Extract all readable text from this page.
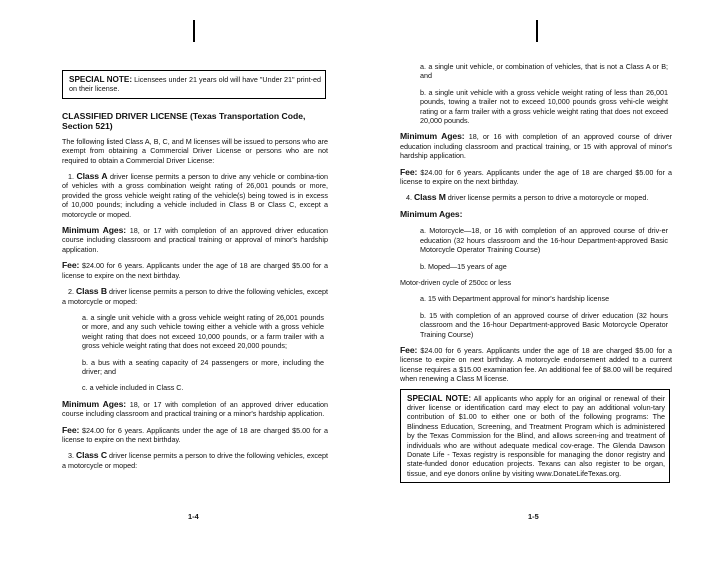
SPECIAL NOTE: Licensees under 21 years old will have "Under 21" print-ed on their license.
CLASSIFIED DRIVER LICENSE (Texas Transportation Code, Section 521)

The following listed Class A, B, C, and M licenses will be issued to persons who are exempt from obtaining a Commercial Driver License or persons who are not required to obtain a Commercial Driver License:

1. Class A driver license permits a person to drive any vehicle or combina-tion of vehicles with a gross combination weight rating of 26,001 pounds or more, provided the gross vehicle weight rating of the vehicle(s) being towed is in excess of 10,000 pounds; including a vehicle included in Class B or Class C, except a motorcycle or moped.

Minimum Ages: 18, or 17 with completion of an approved driver education course including classroom and practical training or approval of minor's hardship application.

Fee: $24.00 for 6 years. Applicants under the age of 18 are charged $5.00 for a license to expire on the next birthday.

2. Class B driver license permits a person to drive the following vehicles, except a motorcycle or moped:

a. a single unit vehicle with a gross vehicle weight rating of 26,001 pounds or more, and any such vehicle towing either a vehicle with a gross vehicle weight rating that does not exceed 10,000 pounds, or a farm trailer with a gross vehicle weight rating that does not exceed 20,000 pounds;

b. a bus with a seating capacity of 24 passengers or more, including the driver; and

c. a vehicle included in Class C.

Minimum Ages: 18, or 17 with completion of an approved driver education course including classroom and practical training or a minor's hardship application.

Fee: $24.00 for 6 years. Applicants under the age of 18 are charged $5.00 for a license to expire on the next birthday.

3. Class C driver license permits a person to drive the following vehicles, except a motorcycle or moped:

1-4

a. a single unit vehicle, or combination of vehicles, that is not a Class A or B; and

b. a single unit vehicle with a gross vehicle weight rating of less than 26,001 pounds, towing a trailer not to exceed 10,000 pounds gross vehi-cle weight rating or a farm trailer with a gross vehicle weight rating that does not exceed 20,000 pounds.

Minimum Ages: 18, or 16 with completion of an approved course of driver education including classroom and practical training, or 15 with approval of minor's hardship application.

Fee: $24.00 for 6 years. Applicants under the age of 18 are charged $5.00 for a license to expire on the next birthday.

4. Class M driver license permits a person to drive a motorcycle or moped.

Minimum Ages:

a. Motorcycle—18, or 16 with completion of an approved course of driv-er education (32 hours classroom and the 16-hour Department-approved Basic Motorcycle Operator Training Course)

b. Moped—15 years of age

Motor-driven cycle of 250cc or less

a. 15 with Department approval for minor's hardship license

b. 15 with completion of an approved course of driver education (32 hours classroom and the 16-hour Department-approved Basic Motorcycle Operator Training Course)

Fee: $24.00 for 6 years. Applicants under the age of 18 are charged $5.00 for a license to expire on next birthday. A motorcycle endorsement added to a current license requires a $15.00 examination fee. An additional fee of $8.00 will be required when renewing a Class M license.

SPECIAL NOTE: All applicants who apply for an original or renewal of their driver license or identification card may elect to pay an additional volun-tary contribution of $1.00 to either one or both of the following programs: The Blindness Education, Screening, and Treatment Program which is administered by the Texas Commission for the Blind, and allows screen-ing and treatment of individuals who are without adequate medical cov-erage. The Glenda Dawson Donate Life - Texas registry is responsible for managing the donor registry and state-funded donor education projects. Texans can also register to be organ, tissue, and eye donors online by visiting www.DonateLifeTexas.org.
1-5
